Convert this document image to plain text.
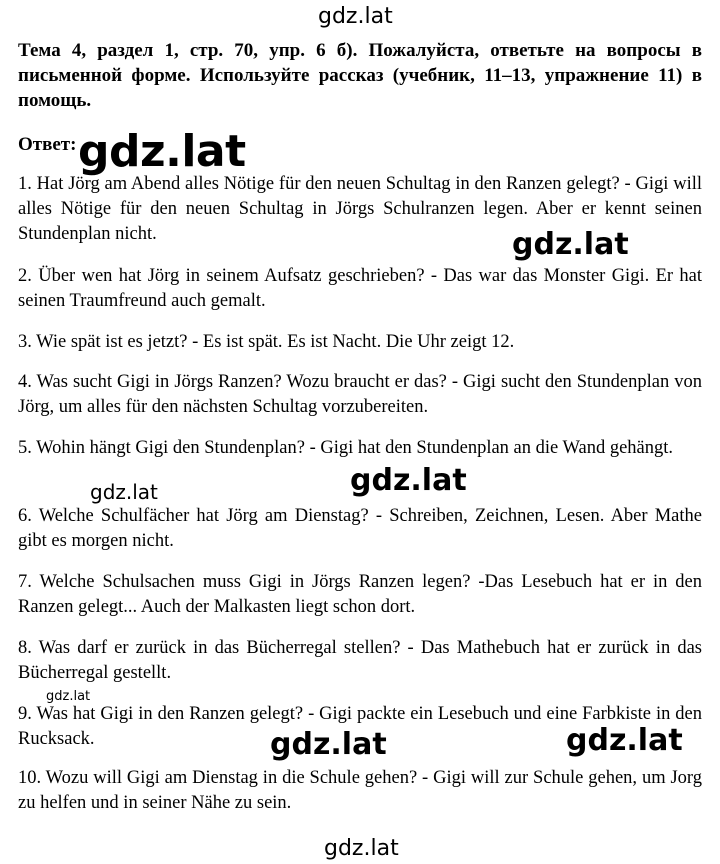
Тема 4, раздел 1, стр. 70, упр. 6 б). Пожалуйста, ответьте на вопросы в письменной форме. Используйте рассказ (учебник, 11–13, упражнение 11) в помощь.
Ответ:
1. Hat Jörg am Abend alles Nötige für den neuen Schultag in den Ranzen gelegt? - Gigi will alles Nötige für den neuen Schultag in Jörgs Schulranzen legen. Aber er kennt seinen Stundenplan nicht.
2. Über wen hat Jörg in seinem Aufsatz geschrieben? - Das war das Monster Gigi. Er hat seinen Traumfreund auch gemalt.
3. Wie spät ist es jetzt? - Es ist spät. Es ist Nacht. Die Uhr zeigt 12.
4. Was sucht Gigi in Jörgs Ranzen? Wozu braucht er das? - Gigi sucht den Stundenplan von Jörg, um alles für den nächsten Schultag vorzubereiten.
5. Wohin hängt Gigi den Stundenplan? - Gigi hat den Stundenplan an die Wand gehängt.
6. Welche Schulfächer hat Jörg am Dienstag? - Schreiben, Zeichnen, Lesen. Aber Mathe gibt es morgen nicht.
7. Welche Schulsachen muss Gigi in Jörgs Ranzen legen? -Das Lesebuch hat er in den Ranzen gelegt... Auch der Malkasten liegt schon dort.
8. Was darf er zurück in das Bücherregal stellen? - Das Mathebuch hat er zurück in das Bücherregal gestellt.
9. Was hat Gigi in den Ranzen gelegt? - Gigi packte ein Lesebuch und eine Farbkiste in den Rucksack.
10. Wozu will Gigi am Dienstag in die Schule gehen? - Gigi will zur Schule gehen, um Jorg zu helfen und in seiner Nähe zu sein.
gdz.lat
gdz.lat
gdz.lat
gdz.lat	gdz.lat
gdz.lat
gdz.lat	gdz.lat
gdz.lat
